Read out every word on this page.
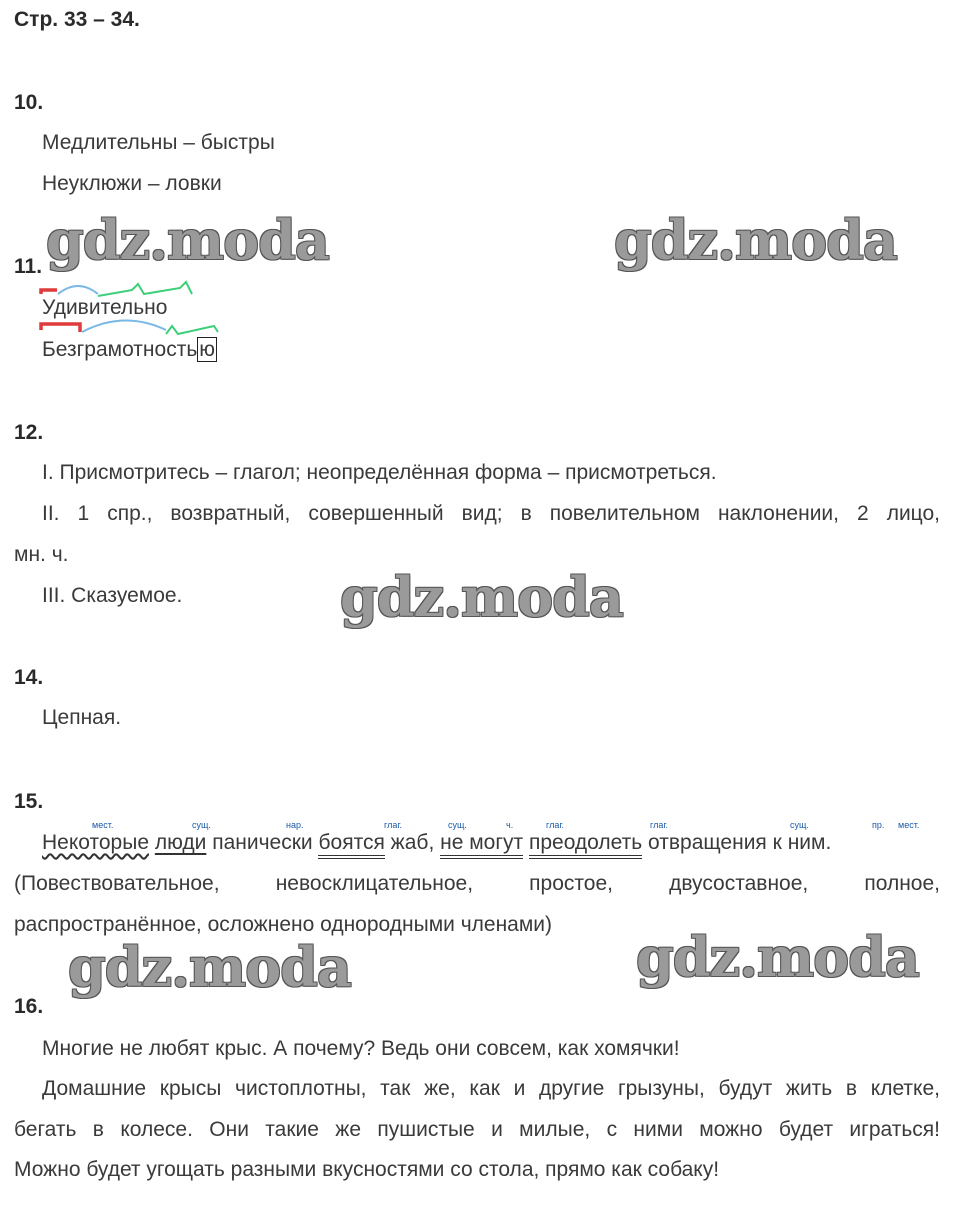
Стр. 33 – 34.
10.
Медлительны – быстры
Неуклюжи – ловки
gdz.moda	gdz.moda
gdz.moda
gdz.moda	gdz.moda
11.
Удивительно
Безграмотностью
12.
I. Присмотритесь – глагол; неопределённая форма – присмотреться.
II. 1 спр., возвратный, совершенный вид; в повелительном наклонении, 2 лицо,
мн. ч.
III. Сказуемое.
14.
Цепная.
15.
мест.	сущ.	нар.	глаг.	сущ.	ч.	глаг.	глаг.	сущ.	пр. мест.
Некоторые люди панически боятся жаб, не могут преодолеть отвращения к ним.
(Повествовательное, невосклицательное, простое, двусоставное, полное,
распространённое, осложнено однородными членами)
16.
Многие не любят крыс. А почему? Ведь они совсем, как хомячки!
Домашние крысы чистоплотны, так же, как и другие грызуны, будут жить в клетке,
бегать в колесе. Они такие же пушистые и милые, с ними можно будет играться!
Можно будет угощать разными вкусностями со стола, прямо как собаку!
